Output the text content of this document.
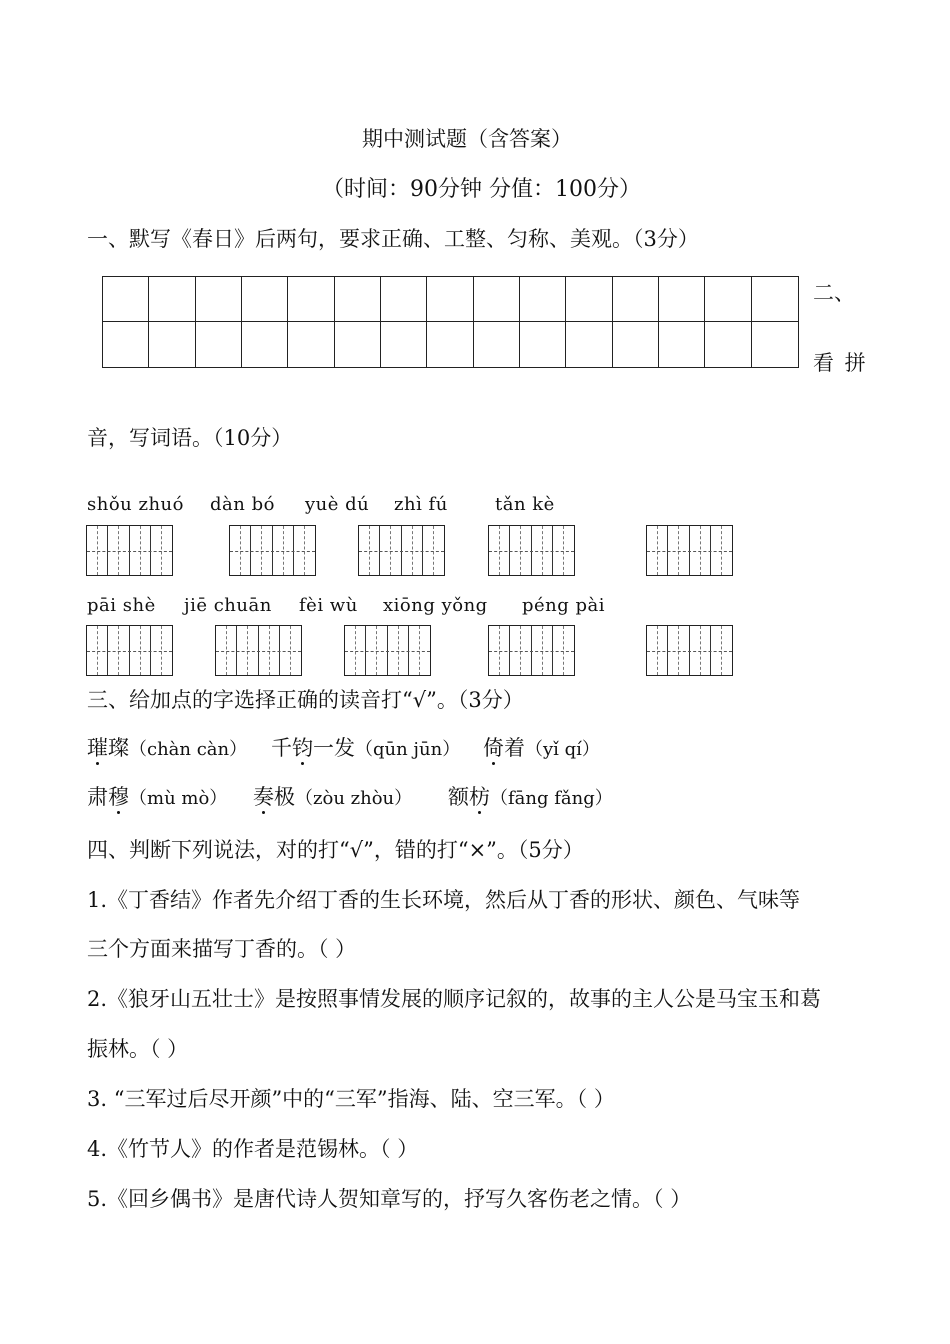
期中测试题（含答案）
（时间：90分钟 分值：100分）
一、默写《春日》后两句，要求正确、工整、匀称、美观。（3分）
二、
看 拼
音，写词语。（10分）
shǒu zhuó dàn bó yuè dú zhì fú	tǎn kè
pāi shè jiē chuān fèi wù xiōng yǒng péng pài
三、给加点的字选择正确的读音打“√”。（3分）
璀璨（chàn càn） 千钧一发（qūn jūn） 倚着（yǐ qí）
肃穆（mù mò） 奏极（zòu zhòu） 额枋（fāng fǎng）
四、判断下列说法，对的打“√”，错的打“×”。（5分）
1.《丁香结》作者先介绍丁香的生长环境，然后从丁香的形状、颜色、气味等
三个方面来描写丁香的。（ ）
2.《狼牙山五壮士》是按照事情发展的顺序记叙的，故事的主人公是马宝玉和葛
振林。（ ）
3. “三军过后尽开颜”中的“三军”指海、陆、空三军。（ ）
4.《竹节人》的作者是范锡林。（ ）
5.《回乡偶书》是唐代诗人贺知章写的，抒写久客伤老之情。（ ）
